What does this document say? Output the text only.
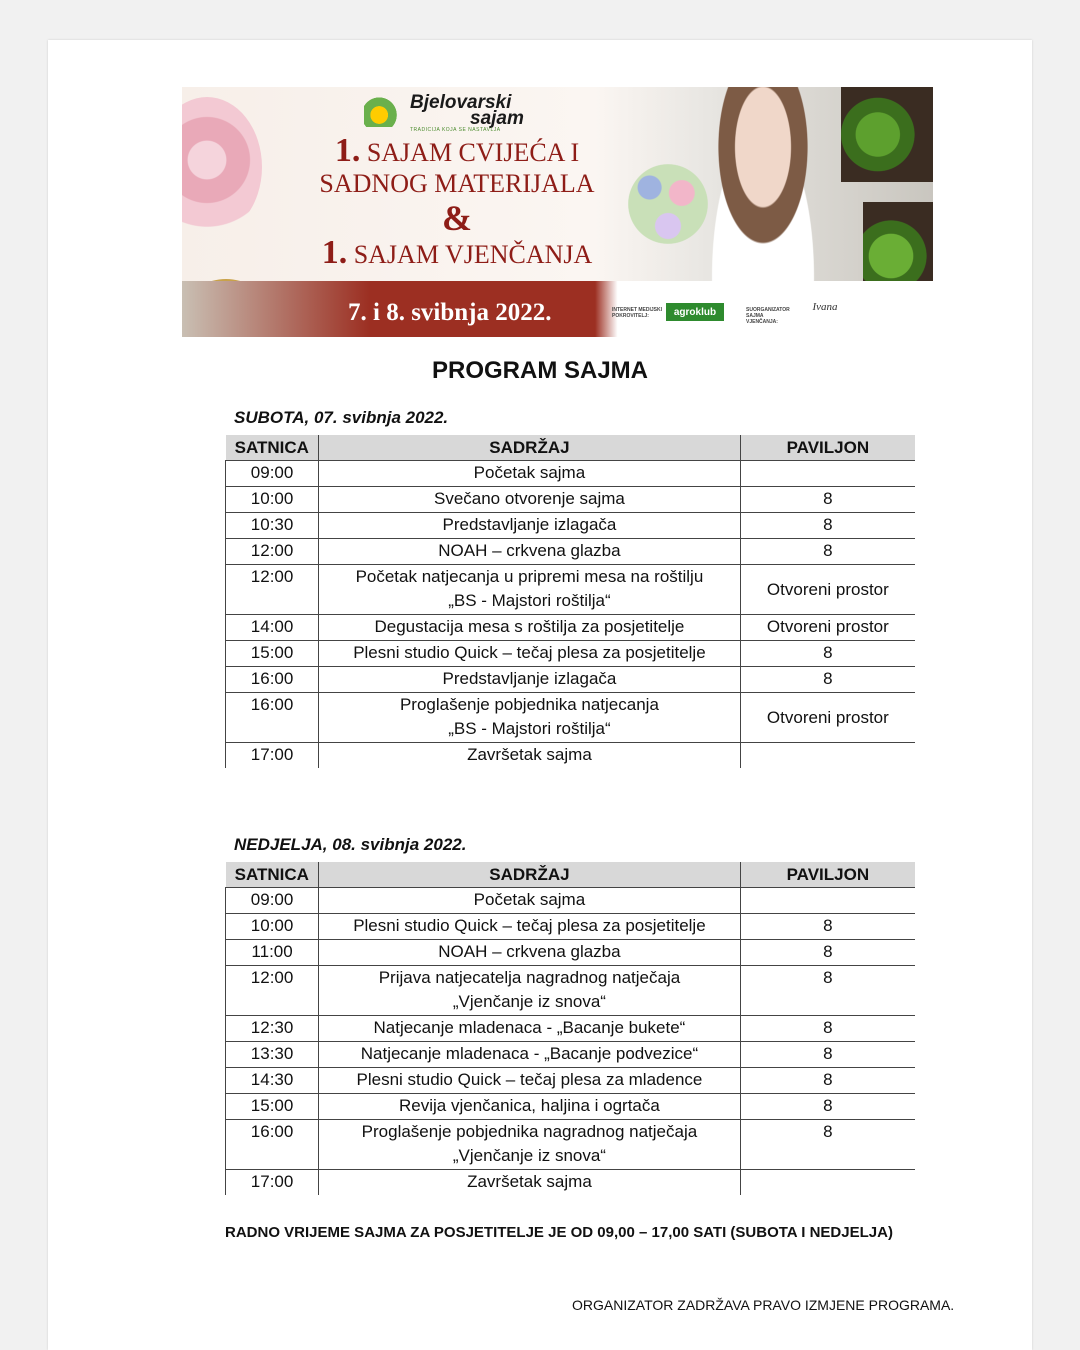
Bjelovarski
sajam
TRADICIJA KOJA SE NASTAVLJA
1. SAJAM CVIJEĆA I
SADNOG MATERIJALA
&
1. SAJAM VJENČANJA
7. i 8. svibnja 2022.	INTERNET MEDIJSKI POKROVITELJ:	agroklub	SUORGANIZATOR SAJMA VJENČANJA:
Ivana
PROGRAM SAJMA
SUBOTA, 07. svibnja 2022.
SATNICA	SADRŽAJ	PAVILJON
09:00	Početak sajma	

10:00	Svečano otvorenje sajma	8
10:30	Predstavljanje izlagača	8
12:00	NOAH – crkvena glazba	8
12:00	Početak natjecanja u pripremi mesa na roštilju
„BS - Majstori roštilja“	Otvoreni prostor
14:00	Degustacija mesa s roštilja za posjetitelje	Otvoreni prostor
15:00	Plesni studio Quick – tečaj plesa za posjetitelje	8
16:00	Predstavljanje izlagača	8
16:00	Proglašenje pobjednika natjecanja
„BS - Majstori roštilja“	Otvoreni prostor
17:00	Završetak sajma	

NEDJELJA, 08. svibnja 2022.
SATNICA	SADRŽAJ	PAVILJON
09:00	Početak sajma	

10:00	Plesni studio Quick – tečaj plesa za posjetitelje	8
11:00	NOAH – crkvena glazba	8
12:00	Prijava natjecatelja nagradnog natječaja
„Vjenčanje iz snova“	8
12:30	Natjecanje mladenaca - „Bacanje bukete“	8
13:30	Natjecanje mladenaca - „Bacanje podvezice“	8
14:30	Plesni studio Quick – tečaj plesa za mladence	8
15:00	Revija vjenčanica, haljina i ogrtača	8
16:00	Proglašenje pobjednika nagradnog natječaja
„Vjenčanje iz snova“	8
17:00	Završetak sajma	

RADNO VRIJEME SAJMA ZA POSJETITELJE JE OD 09,00 – 17,00 SATI (SUBOTA I NEDJELJA)
ORGANIZATOR ZADRŽAVA PRAVO IZMJENE PROGRAMA.
